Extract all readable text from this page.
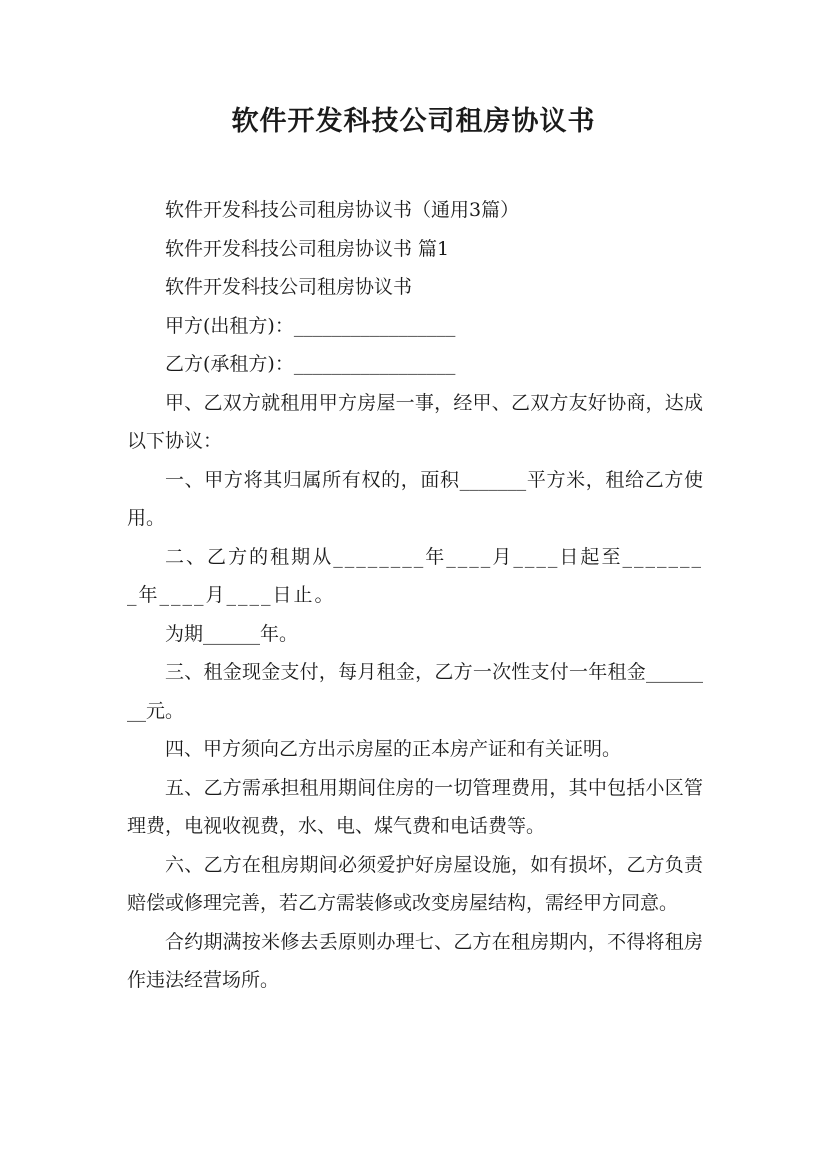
软件开发科技公司租房协议书

软件开发科技公司租房协议书（通用3篇）

软件开发科技公司租房协议书 篇1

软件开发科技公司租房协议书

甲方(出租方)：_________________

乙方(承租方)：_________________

甲、乙双方就租用甲方房屋一事，经甲、乙双方友好协商，达成以下协议：

一、甲方将其归属所有权的，面积_______平方米，租给乙方使用。

二、乙方的租期从________年____月____日起至________年____月____日止。

为期______年。

三、租金现金支付，每月租金，乙方一次性支付一年租金________元。

四、甲方须向乙方出示房屋的正本房产证和有关证明。

五、乙方需承担租用期间住房的一切管理费用，其中包括小区管理费，电视收视费，水、电、煤气费和电话费等。

六、乙方在租房期间必须爱护好房屋设施，如有损坏，乙方负责赔偿或修理完善，若乙方需装修或改变房屋结构，需经甲方同意。

合约期满按米修去丢原则办理七、乙方在租房期内，不得将租房作违法经营场所。
